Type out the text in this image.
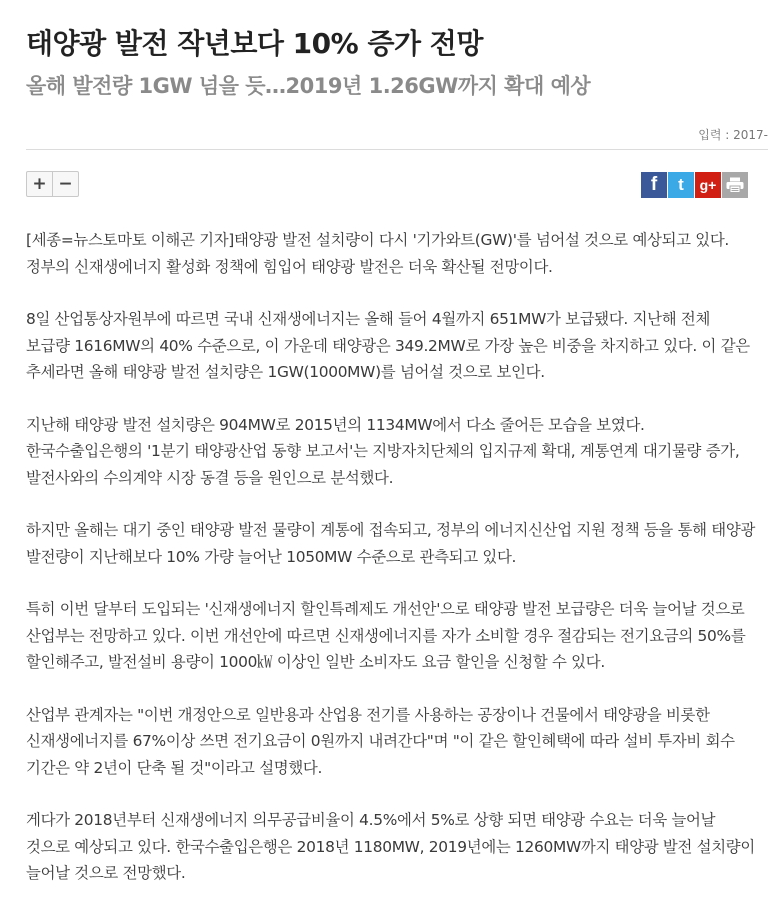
태양광 발전 작년보다 10% 증가 전망
올해 발전량 1GW 넘을 듯…2019년 1.26GW까지 확대 예상
입력 : 2017-
+ −	f	t	g+

[세종=뉴스토마토 이해곤 기자]태양광 발전 설치량이 다시 '기가와트(GW)'를 넘어설 것으로 예상되고 있다. 정부의 신재생에너지 활성화 정책에 힘입어 태양광 발전은 더욱 확산될 전망이다.

8일 산업통상자원부에 따르면 국내 신재생에너지는 올해 들어 4월까지 651MW가 보급됐다. 지난해 전체 보급량 1616MW의 40% 수준으로, 이 가운데 태양광은 349.2MW로 가장 높은 비중을 차지하고 있다. 이 같은 추세라면 올해 태양광 발전 설치량은 1GW(1000MW)를 넘어설 것으로 보인다.

지난해 태양광 발전 설치량은 904MW로 2015년의 1134MW에서 다소 줄어든 모습을 보였다. 한국수출입은행의 '1분기 태양광산업 동향 보고서'는 지방자치단체의 입지규제 확대, 계통연계 대기물량 증가, 발전사와의 수의계약 시장 동결 등을 원인으로 분석했다.

하지만 올해는 대기 중인 태양광 발전 물량이 계통에 접속되고, 정부의 에너지신산업 지원 정책 등을 통해 태양광 발전량이 지난해보다 10% 가량 늘어난 1050MW 수준으로 관측되고 있다.

특히 이번 달부터 도입되는 '신재생에너지 할인특례제도 개선안'으로 태양광 발전 보급량은 더욱 늘어날 것으로 산업부는 전망하고 있다. 이번 개선안에 따르면 신재생에너지를 자가 소비할 경우 절감되는 전기요금의 50%를 할인해주고, 발전설비 용량이 1000㎾ 이상인 일반 소비자도 요금 할인을 신청할 수 있다.

산업부 관계자는 "이번 개정안으로 일반용과 산업용 전기를 사용하는 공장이나 건물에서 태양광을 비롯한 신재생에너지를 67%이상 쓰면 전기요금이 0원까지 내려간다"며 "이 같은 할인혜택에 따라 설비 투자비 회수 기간은 약 2년이 단축 될 것"이라고 설명했다.

게다가 2018년부터 신재생에너지 의무공급비율이 4.5%에서 5%로 상향 되면 태양광 수요는 더욱 늘어날 것으로 예상되고 있다. 한국수출입은행은 2018년 1180MW, 2019년에는 1260MW까지 태양광 발전 설치량이 늘어날 것으로 전망했다.
